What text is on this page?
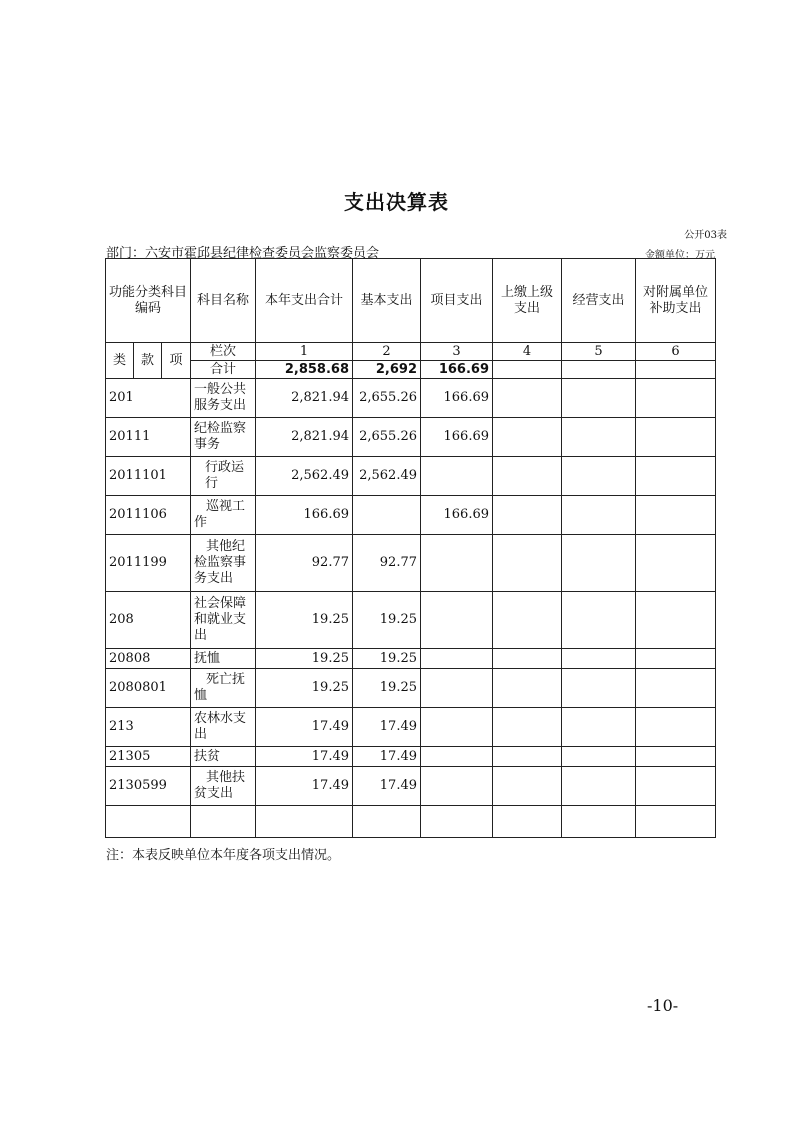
支出决算表
公开03表
部门：六安市霍邱县纪律检查委员会监察委员会	金额单位：万元
功能分类科目编码			科目名称	本年支出合计	基本支出	项目支出	上缴上级支出	经营支出	对附属单位补助支出
类	款	项	栏次	1	2	3	4	5	6
			合计	2,858.68	2,692	166.69			
201			一般公共服务支出	2,821.94	2,655.26	166.69			
20111			纪检监察事务	2,821.94	2,655.26	166.69			
2011101			行政运行	2,562.49	2,562.49				
2011106			巡视工作	166.69		166.69			
2011199			其他纪检监察事务支出	92.77	92.77				
208			社会保障和就业支出	19.25	19.25				
20808			抚恤	19.25	19.25				
2080801			死亡抚恤	19.25	19.25				
213			农林水支出	17.49	17.49				
21305			扶贫	17.49	17.49				
2130599			其他扶贫支出	17.49	17.49				

注：本表反映单位本年度各项支出情况。
-10-
